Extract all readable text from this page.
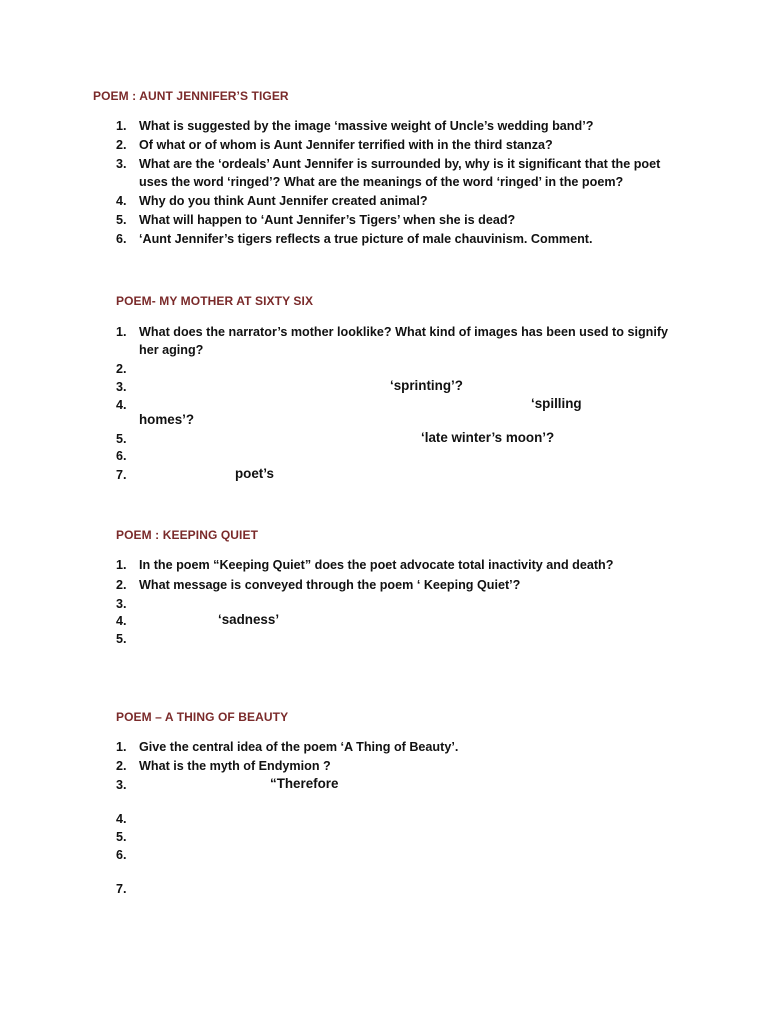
POEM : AUNT JENNIFER’S TIGER
1. What is suggested by the image ‘massive weight of Uncle’s wedding band’?
2. Of what or of whom is Aunt Jennifer terrified with in the third stanza?
3. What are the ‘ordeals’ Aunt Jennifer is surrounded by, why is it significant that the poet
uses the word ‘ringed’? What are the meanings of the word ‘ringed’ in the poem?
4. Why do you think Aunt Jennifer created animal?
5. What will happen to ‘Aunt Jennifer’s Tigers’ when she is dead?
6. ‘Aunt Jennifer’s tigers reflects a true picture of male chauvinism. Comment.
POEM- MY MOTHER AT SIXTY SIX
1. What does the narrator’s mother looklike? What kind of images has been used to signify
her aging?
2.
3.	‘sprinting’?
4.	‘spilling
homes’?
5.	‘late winter’s moon’?
6.
7.	poet’s
POEM : KEEPING QUIET
1. In the poem “Keeping Quiet” does the poet advocate total inactivity and death?
2. What message is conveyed through the poem ‘ Keeping Quiet’?
3.
4.	‘sadness’
5.
POEM – A THING OF BEAUTY
1. Give the central idea of the poem ‘A Thing of Beauty’.
2. What is the myth of Endymion ?
3.	“Therefore
4.
5.
6.
7.
